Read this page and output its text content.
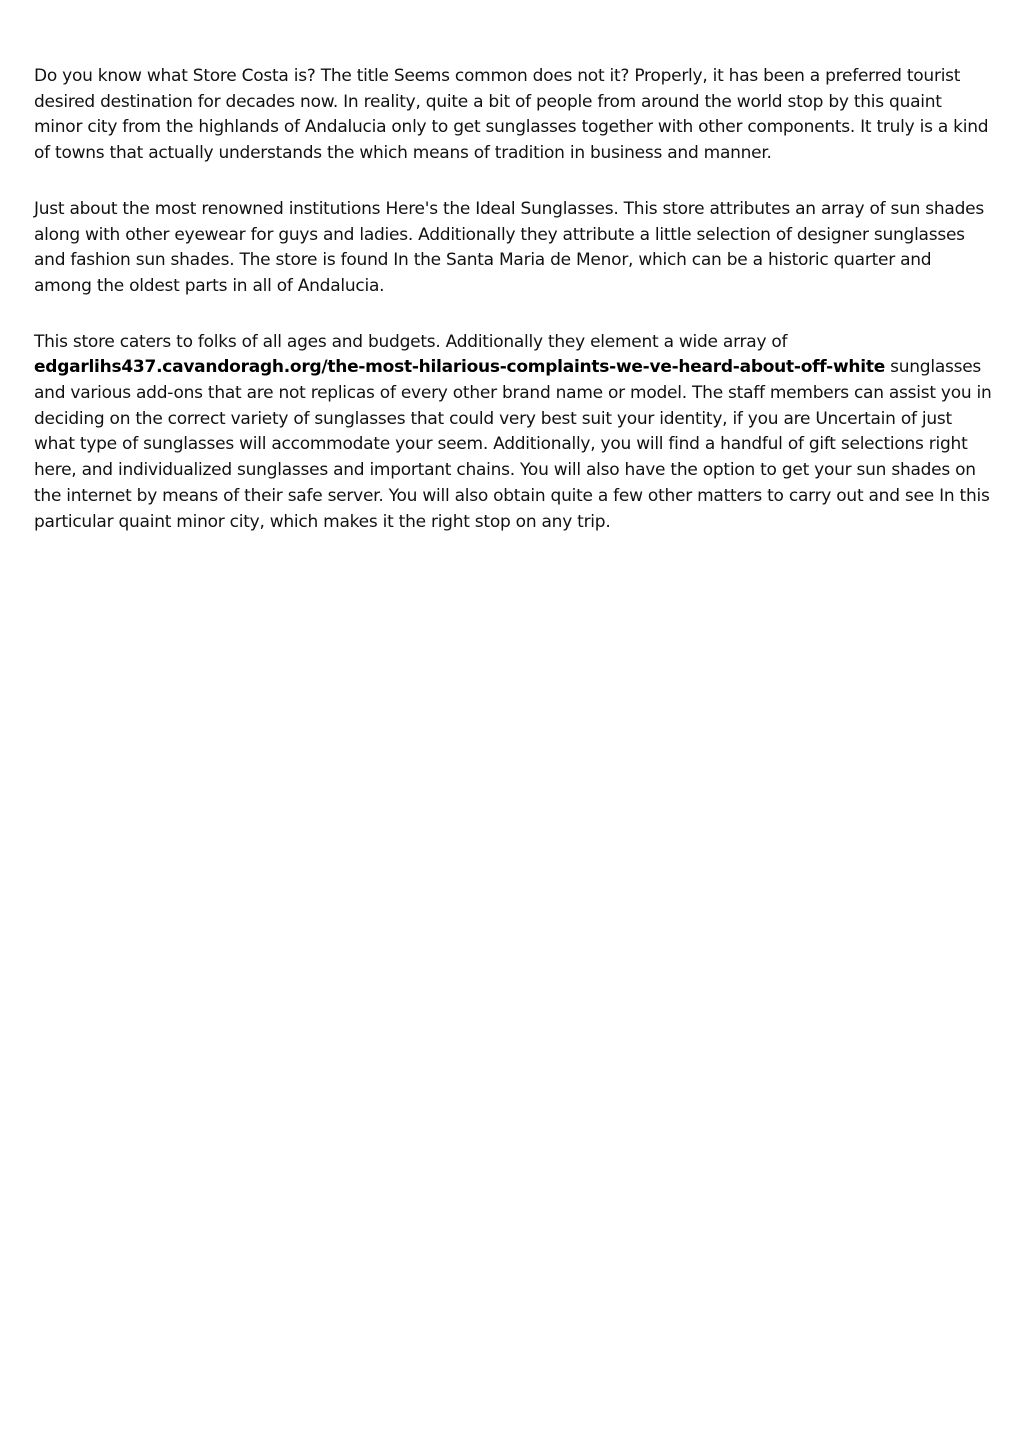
Do you know what Store Costa is? The title Seems common does not it? Properly, it has been a preferred tourist desired destination for decades now. In reality, quite a bit of people from around the world stop by this quaint minor city from the highlands of Andalucia only to get sunglasses together with other components. It truly is a kind of towns that actually understands the which means of tradition in business and manner.

Just about the most renowned institutions Here's the Ideal Sunglasses. This store attributes an array of sun shades along with other eyewear for guys and ladies. Additionally they attribute a little selection of designer sunglasses and fashion sun shades. The store is found In the Santa Maria de Menor, which can be a historic quarter and among the oldest parts in all of Andalucia.

This store caters to folks of all ages and budgets. Additionally they element a wide array of edgarlihs437.cavandoragh.org/the-most-hilarious-complaints-we-ve-heard-about-off-white sunglasses and various add-ons that are not replicas of every other brand name or model. The staff members can assist you in deciding on the correct variety of sunglasses that could very best suit your identity, if you are Uncertain of just what type of sunglasses will accommodate your seem. Additionally, you will find a handful of gift selections right here, and individualized sunglasses and important chains. You will also have the option to get your sun shades on the internet by means of their safe server. You will also obtain quite a few other matters to carry out and see In this particular quaint minor city, which makes it the right stop on any trip.
